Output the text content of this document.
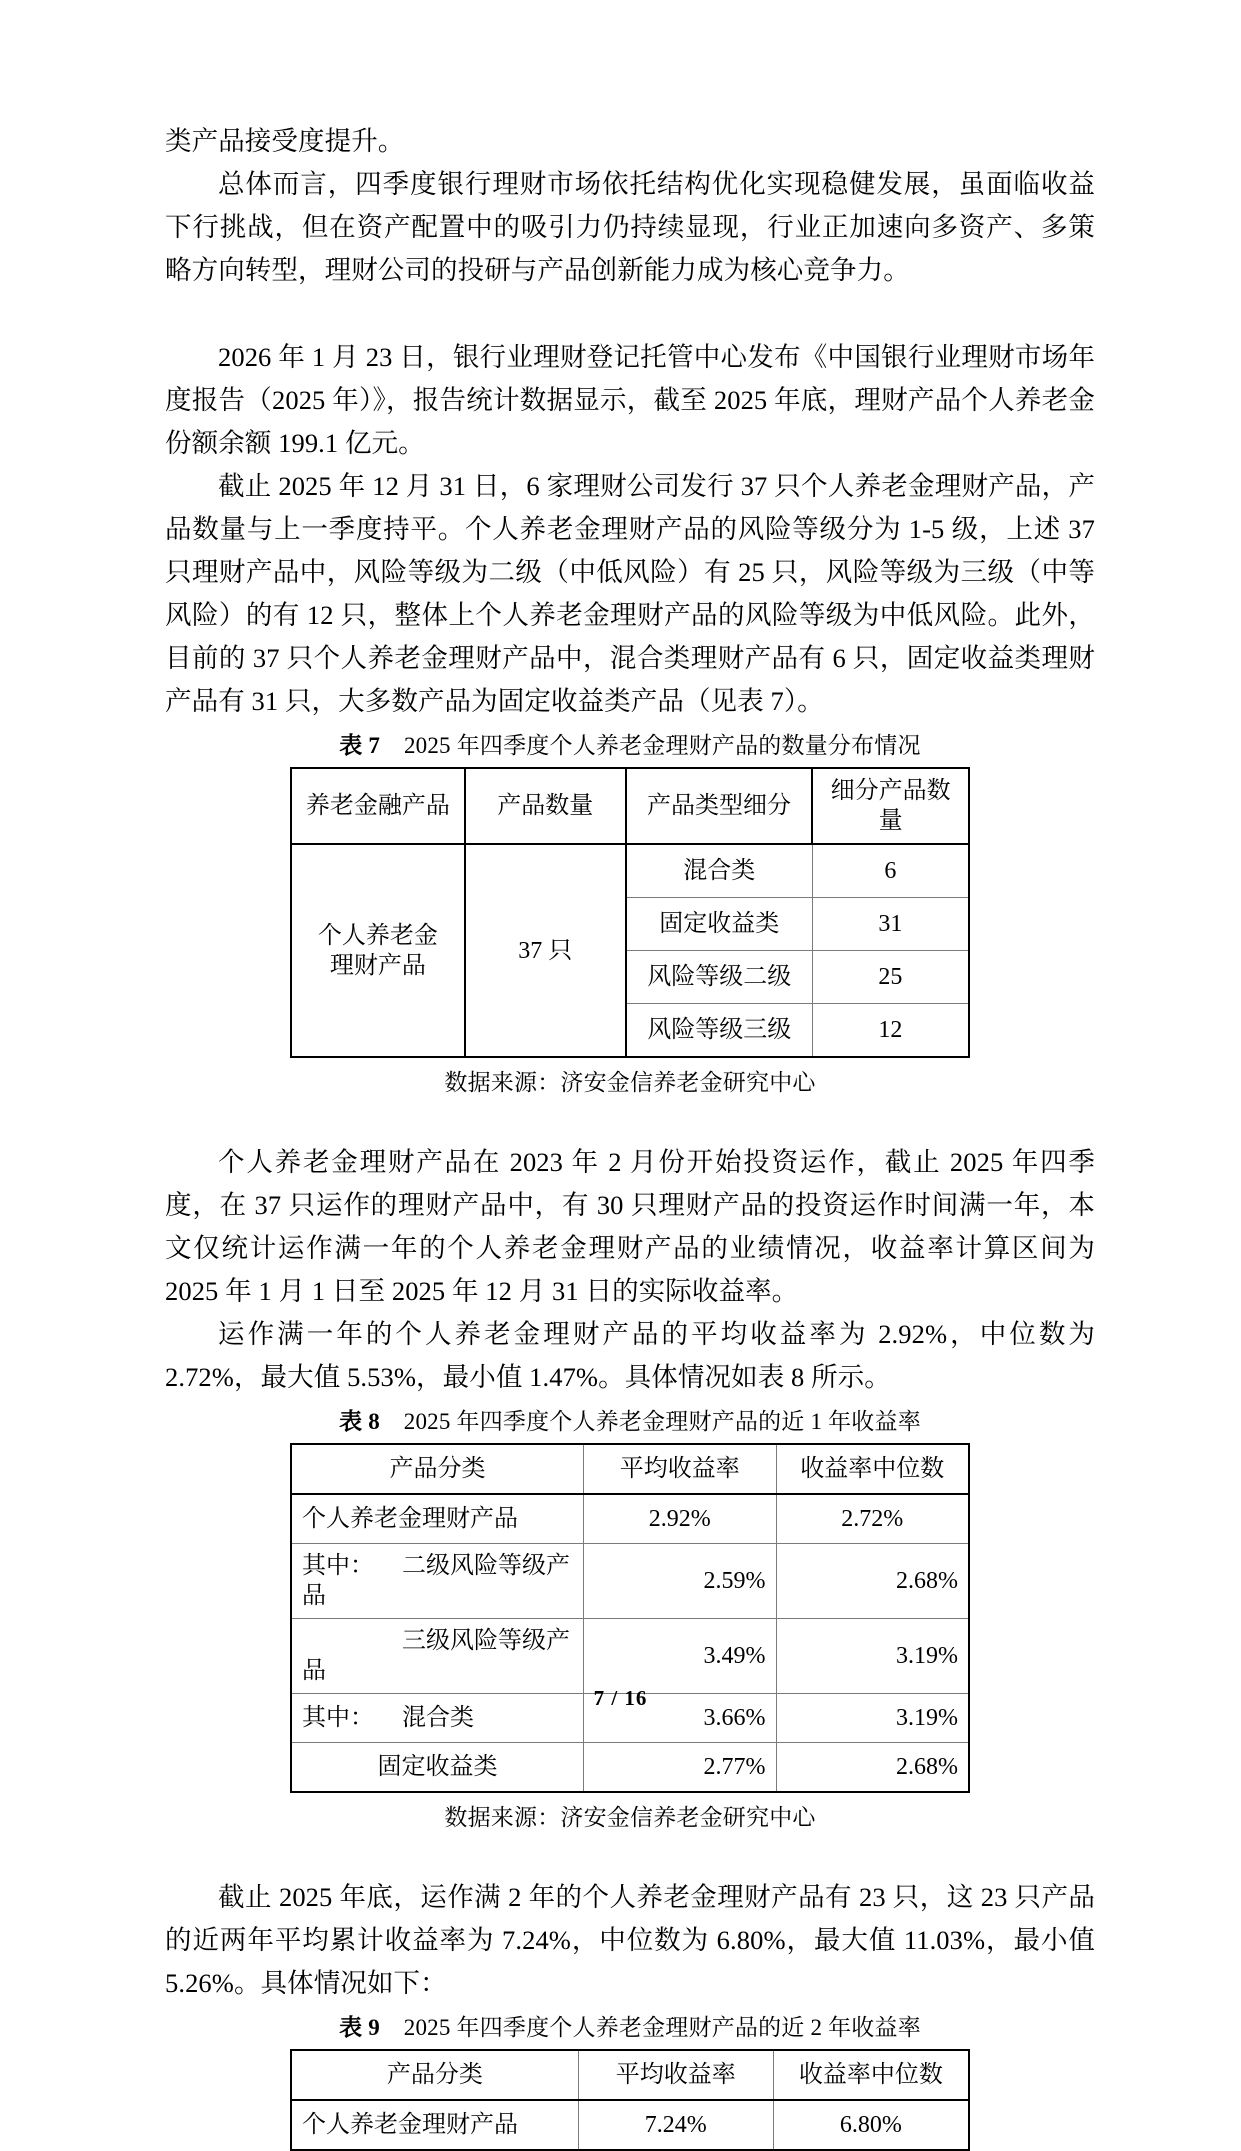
类产品接受度提升。

总体而言，四季度银行理财市场依托结构优化实现稳健发展，虽面临收益下行挑战，但在资产配置中的吸引力仍持续显现，行业正加速向多资产、多策略方向转型，理财公司的投研与产品创新能力成为核心竞争力。

2026 年 1 月 23 日，银行业理财登记托管中心发布《中国银行业理财市场年度报告（2025 年）》，报告统计数据显示，截至 2025 年底，理财产品个人养老金份额余额 199.1 亿元。

截止 2025 年 12 月 31 日，6 家理财公司发行 37 只个人养老金理财产品，产品数量与上一季度持平。个人养老金理财产品的风险等级分为 1-5 级，上述 37 只理财产品中，风险等级为二级（中低风险）有 25 只，风险等级为三级（中等风险）的有 12 只，整体上个人养老金理财产品的风险等级为中低风险。此外，目前的 37 只个人养老金理财产品中，混合类理财产品有 6 只，固定收益类理财产品有 31 只，大多数产品为固定收益类产品（见表 7）。

表 7 2025 年四季度个人养老金理财产品的数量分布情况

养老金融产品	产品数量	产品类型细分	细分产品数量
个人养老金
理财产品	37 只	混合类	6
		固定收益类	31
		风险等级二级	25
		风险等级三级	12

数据来源：济安金信养老金研究中心

个人养老金理财产品在 2023 年 2 月份开始投资运作，截止 2025 年四季度，在 37 只运作的理财产品中，有 30 只理财产品的投资运作时间满一年，本文仅统计运作满一年的个人养老金理财产品的业绩情况，收益率计算区间为 2025 年 1 月 1 日至 2025 年 12 月 31 日的实际收益率。

运作满一年的个人养老金理财产品的平均收益率为 2.92%，中位数为 2.72%，最大值 5.53%，最小值 1.47%。具体情况如表 8 所示。

表 8 2025 年四季度个人养老金理财产品的近 1 年收益率

产品分类	平均收益率	收益率中位数
个人养老金理财产品	2.92%	2.72%
其中： 二级风险等级产品	2.59%	2.68%
三级风险等级产品	3.49%	3.19%
其中： 混合类	3.66%	3.19%
固定收益类	2.77%	2.68%

数据来源：济安金信养老金研究中心

截止 2025 年底，运作满 2 年的个人养老金理财产品有 23 只，这 23 只产品的近两年平均累计收益率为 7.24%，中位数为 6.80%，最大值 11.03%，最小值 5.26%。具体情况如下：

表 9 2025 年四季度个人养老金理财产品的近 2 年收益率

产品分类	平均收益率	收益率中位数
个人养老金理财产品	7.24%	6.80%
7 / 16
